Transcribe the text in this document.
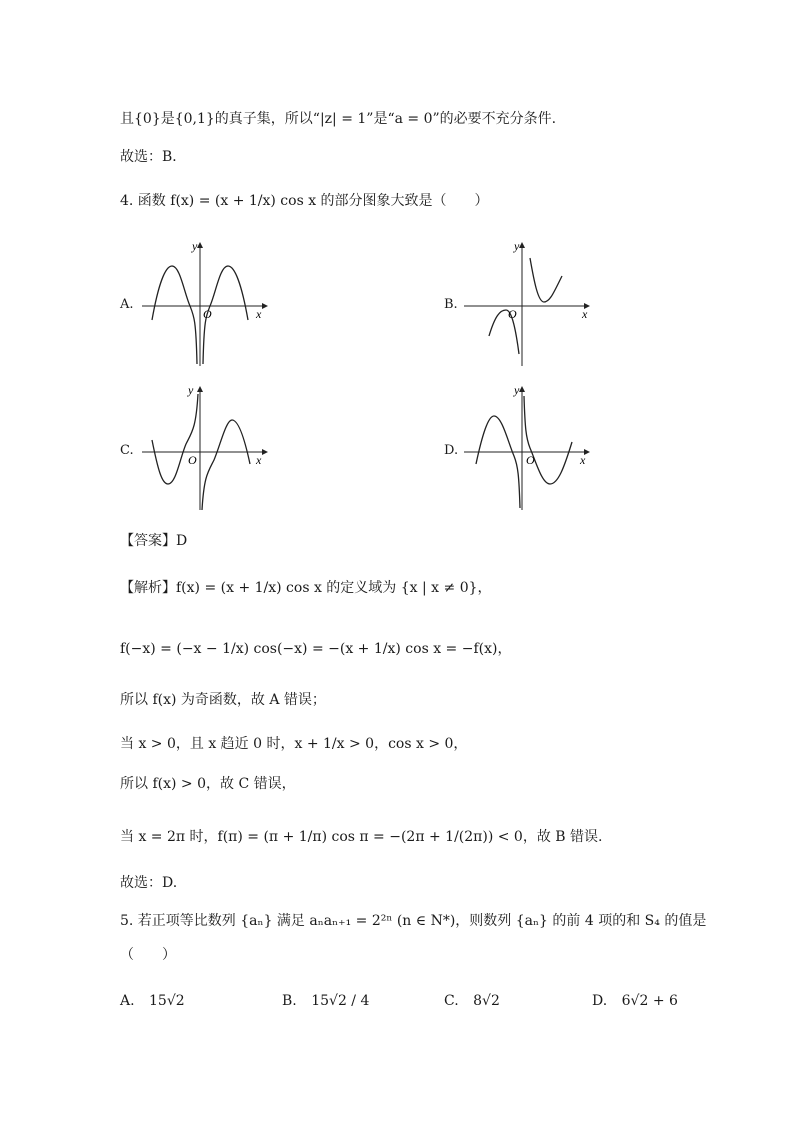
且{0}是{0,1}的真子集，所以“|z| = 1”是“a = 0”的必要不充分条件.
故选：B．
4. 函数 f(x) = (x + 1/x) cos x 的部分图象大致是（　　）
A.
O	x
y
B.
O	x
y
C.
O	x
y
D.
O	x
y
【答案】D
【解析】f(x) = (x + 1/x) cos x 的定义域为 {x | x ≠ 0}，
f(−x) = (−x − 1/x) cos(−x) = −(x + 1/x) cos x = −f(x)，
所以 f(x) 为奇函数，故 A 错误；
当 x > 0，且 x 趋近 0 时，x + 1/x > 0，cos x > 0，
所以 f(x) > 0，故 C 错误，
当 x = 2π 时，f(π) = (π + 1/π) cos π = −(2π + 1/(2π)) < 0，故 B 错误.
故选：D.
5. 若正项等比数列 {aₙ} 满足 aₙaₙ₊₁ = 2²ⁿ (n ∈ N*)，则数列 {aₙ} 的前 4 项的和 S₄ 的值是
（　　）
A. 15√2	B. 15√2 / 4	C. 8√2	D. 6√2 + 6
